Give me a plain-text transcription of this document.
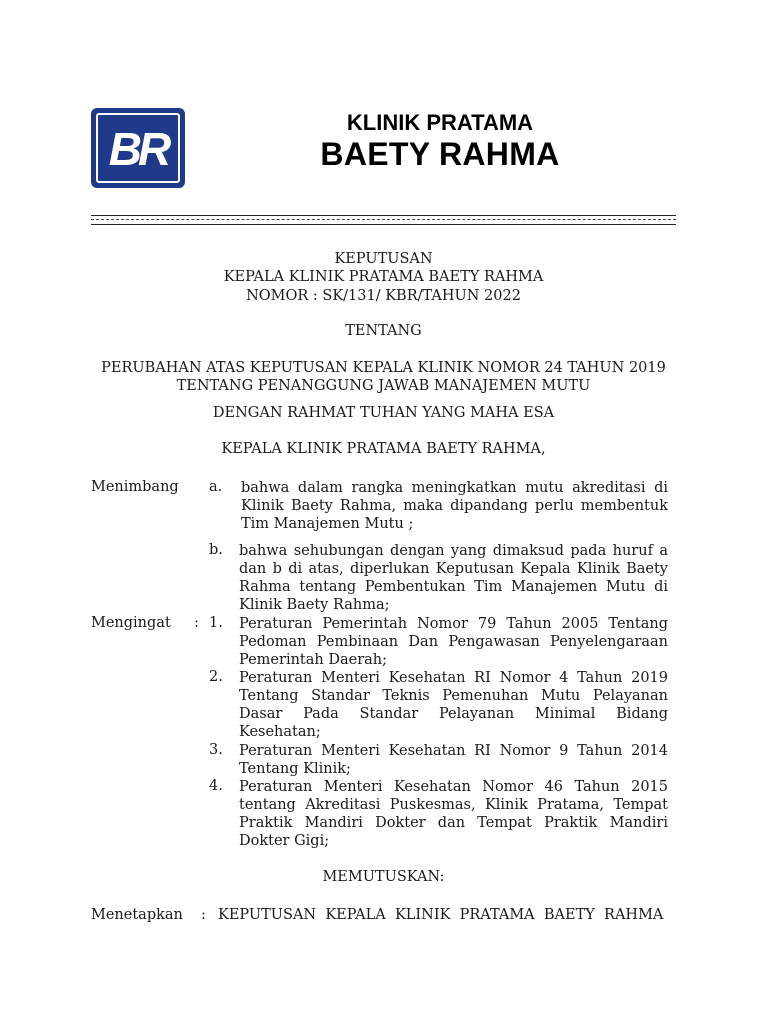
BR
KLINIK PRATAMA
BAETY RAHMA
KEPUTUSAN
KEPALA KLINIK PRATAMA BAETY RAHMA
NOMOR : SK/131/ KBR/TAHUN 2022
TENTANG
PERUBAHAN ATAS KEPUTUSAN KEPALA KLINIK NOMOR 24 TAHUN 2019
TENTANG PENANGGUNG JAWAB MANAJEMEN MUTU
DENGAN RAHMAT TUHAN YANG MAHA ESA
KEPALA KLINIK PRATAMA BAETY RAHMA,
Menimbang a. bahwa dalam rangka meningkatkan mutu akreditasi di
Klinik Baety Rahma, maka dipandang perlu membentuk
Tim Manajemen Mutu ;
b. bahwa sehubungan dengan yang dimaksud pada huruf a
dan b di atas, diperlukan Keputusan Kepala Klinik Baety
Rahma tentang Pembentukan Tim Manajemen Mutu di
Klinik Baety Rahma;
Mengingat : 1. Peraturan Pemerintah Nomor 79 Tahun 2005 Tentang
Pedoman Pembinaan Dan Pengawasan Penyelengaraan
Pemerintah Daerah;
2. Peraturan Menteri Kesehatan RI Nomor 4 Tahun 2019
Tentang Standar Teknis Pemenuhan Mutu Pelayanan
Dasar Pada Standar Pelayanan Minimal Bidang
Kesehatan;
3. Peraturan Menteri Kesehatan RI Nomor 9 Tahun 2014
Tentang Klinik;
4. Peraturan Menteri Kesehatan Nomor 46 Tahun 2015
tentang Akreditasi Puskesmas, Klinik Pratama, Tempat
Praktik Mandiri Dokter dan Tempat Praktik Mandiri
Dokter Gigi;
MEMUTUSKAN:
Menetapkan : KEPUTUSAN  KEPALA  KLINIK  PRATAMA  BAETY  RAHMA
